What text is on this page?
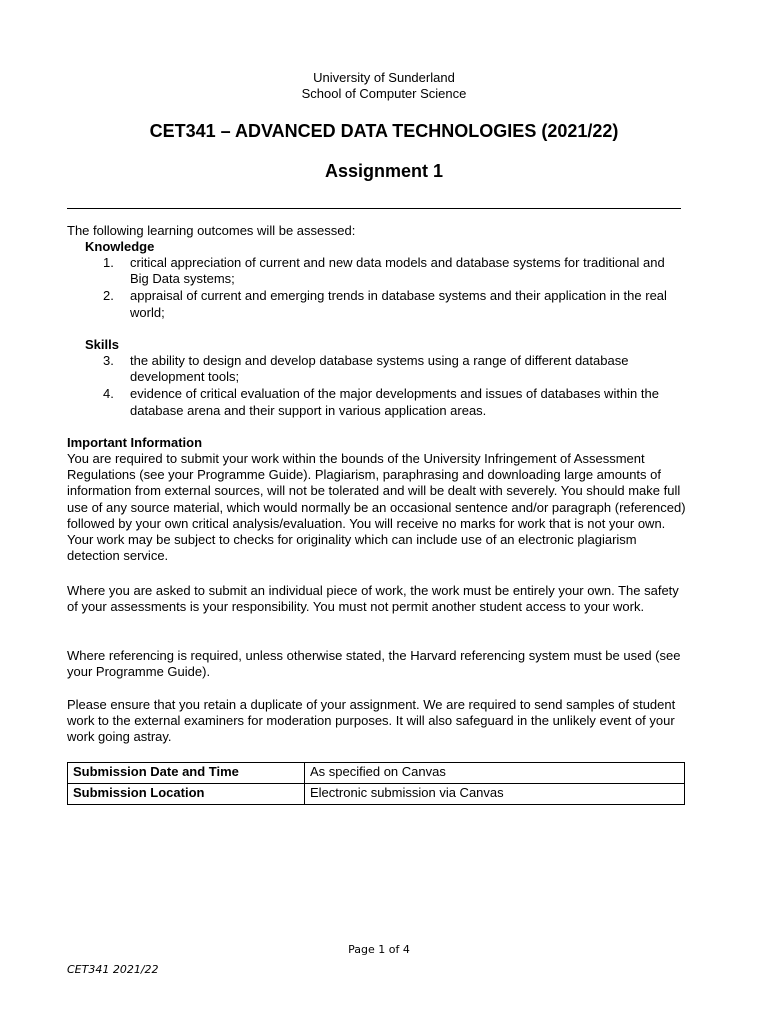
University of Sunderland
School of Computer Science
CET341 – ADVANCED DATA TECHNOLOGIES (2021/22)
Assignment 1
The following learning outcomes will be assessed:
Knowledge
1. critical appreciation of current and new data models and database systems for traditional and Big Data systems;
2. appraisal of current and emerging trends in database systems and their application in the real world;
Skills
3. the ability to design and develop database systems using a range of different database development tools;
4. evidence of critical evaluation of the major developments and issues of databases within the database arena and their support in various application areas.
Important Information
You are required to submit your work within the bounds of the University Infringement of Assessment Regulations (see your Programme Guide). Plagiarism, paraphrasing and downloading large amounts of information from external sources, will not be tolerated and will be dealt with severely. You should make full use of any source material, which would normally be an occasional sentence and/or paragraph (referenced) followed by your own critical analysis/evaluation. You will receive no marks for work that is not your own. Your work may be subject to checks for originality which can include use of an electronic plagiarism detection service.
Where you are asked to submit an individual piece of work, the work must be entirely your own. The safety of your assessments is your responsibility. You must not permit another student access to your work.
Where referencing is required, unless otherwise stated, the Harvard referencing system must be used (see your Programme Guide).
Please ensure that you retain a duplicate of your assignment. We are required to send samples of student work to the external examiners for moderation purposes. It will also safeguard in the unlikely event of your work going astray.
Submission Date and Time	As specified on Canvas
Submission Location	Electronic submission via Canvas
Page 1 of 4
CET341 2021/22
